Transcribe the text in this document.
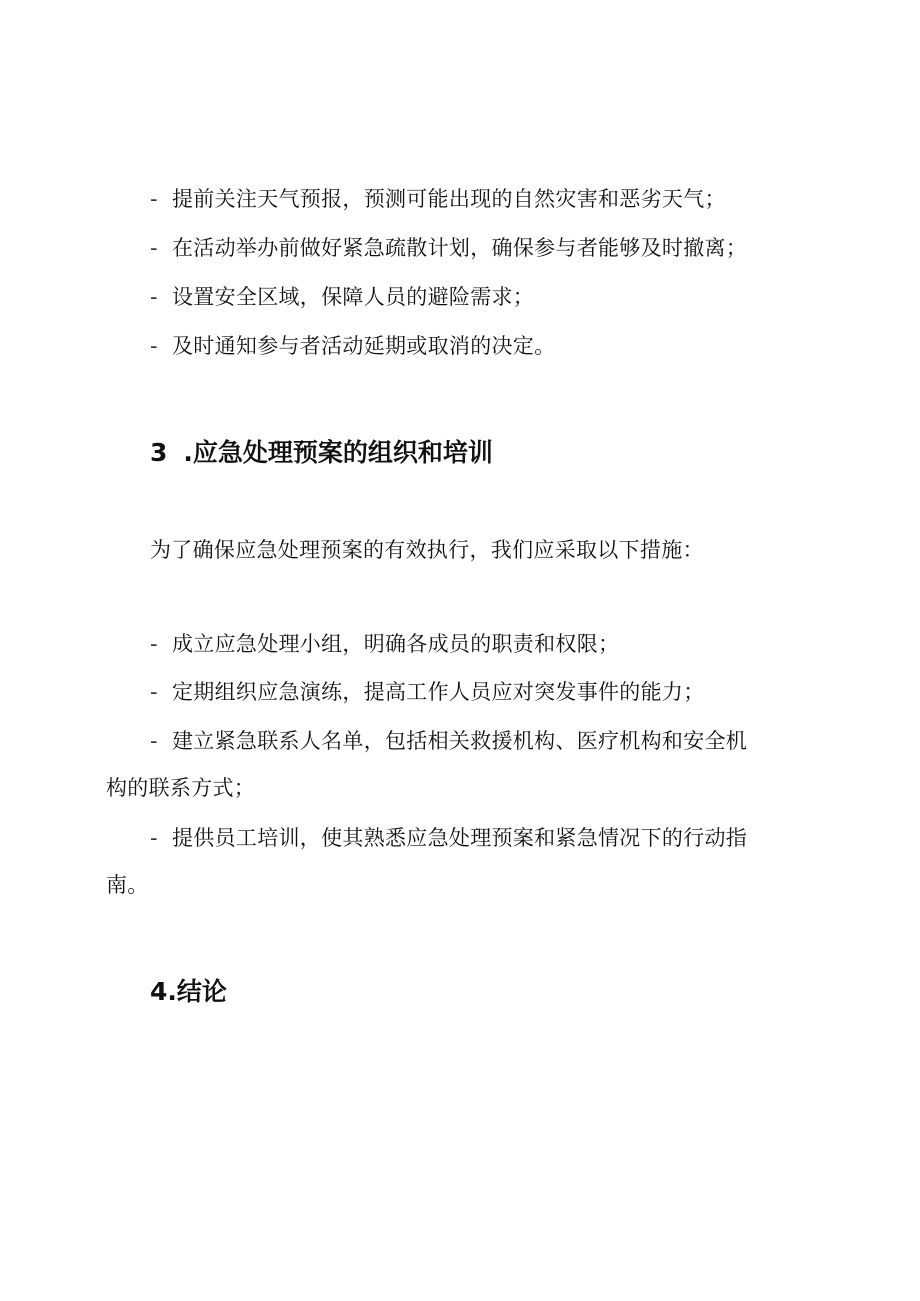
- 提前关注天气预报，预测可能出现的自然灾害和恶劣天气；
- 在活动举办前做好紧急疏散计划，确保参与者能够及时撤离；
- 设置安全区域，保障人员的避险需求；
- 及时通知参与者活动延期或取消的决定。
3 .应急处理预案的组织和培训
为了确保应急处理预案的有效执行，我们应采取以下措施：
- 成立应急处理小组，明确各成员的职责和权限；
- 定期组织应急演练，提高工作人员应对突发事件的能力；
- 建立紧急联系人名单，包括相关救援机构、医疗机构和安全机
构的联系方式；
- 提供员工培训，使其熟悉应急处理预案和紧急情况下的行动指
南。
4.结论
